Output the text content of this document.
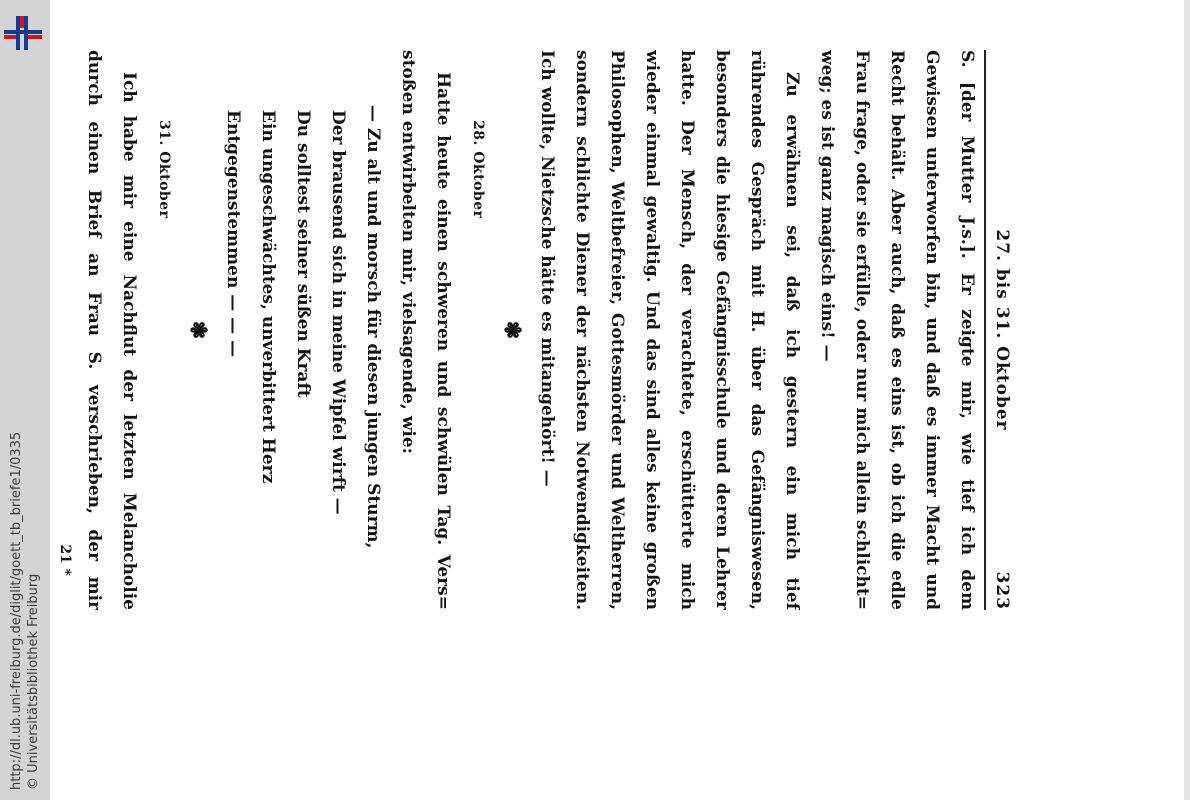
http://dl.ub.uni-freiburg.de/diglit/goett_tb_briefe1/0335 © Universitätsbibliothek Freiburg
27. bis 31. Oktober
323
S. [der Mutter J.s.]. Er zeigte mir, wie tief ich dem
Gewissen unterworfen bin, und daß es immer Macht und
Recht behält. Aber auch, daß es eins ist, ob ich die edle
Frau frage, oder sie erfülle, oder nur mich allein schlicht=
weg; es ist ganz magisch eins! —
Zu erwähnen sei, daß ich gestern ein mich tief
rührendes Gespräch mit H. über das Gefängniswesen,
besonders die hiesige Gefängnisschule und deren Lehrer
hatte. Der Mensch, der verachtete, erschütterte mich
wieder einmal gewaltig. Und das sind alles keine großen
Philosophen, Weltbefreier, Gottesmörder und Weltherren,
sondern schlichte Diener der nächsten Notwendigkeiten.
Ich wollte, Nietzsche hätte es mitangehört! —
❃
28. Oktober
Hatte heute einen schweren und schwülen Tag. Vers=
stoßen entwirbelten mir, vielsagende, wie:
— Zu alt und morsch für diesen jungen Sturm,
Der brausend sich in meine Wipfel wirft —
Du solltest seiner süßen Kraft
Ein ungeschwächtes, unverbittert Herz
Entgegenstemmen — — —
❃
31. Oktober
Ich habe mir eine Nachflut der letzten Melancholie
durch einen Brief an Frau S. verschrieben, der mir
21 *
